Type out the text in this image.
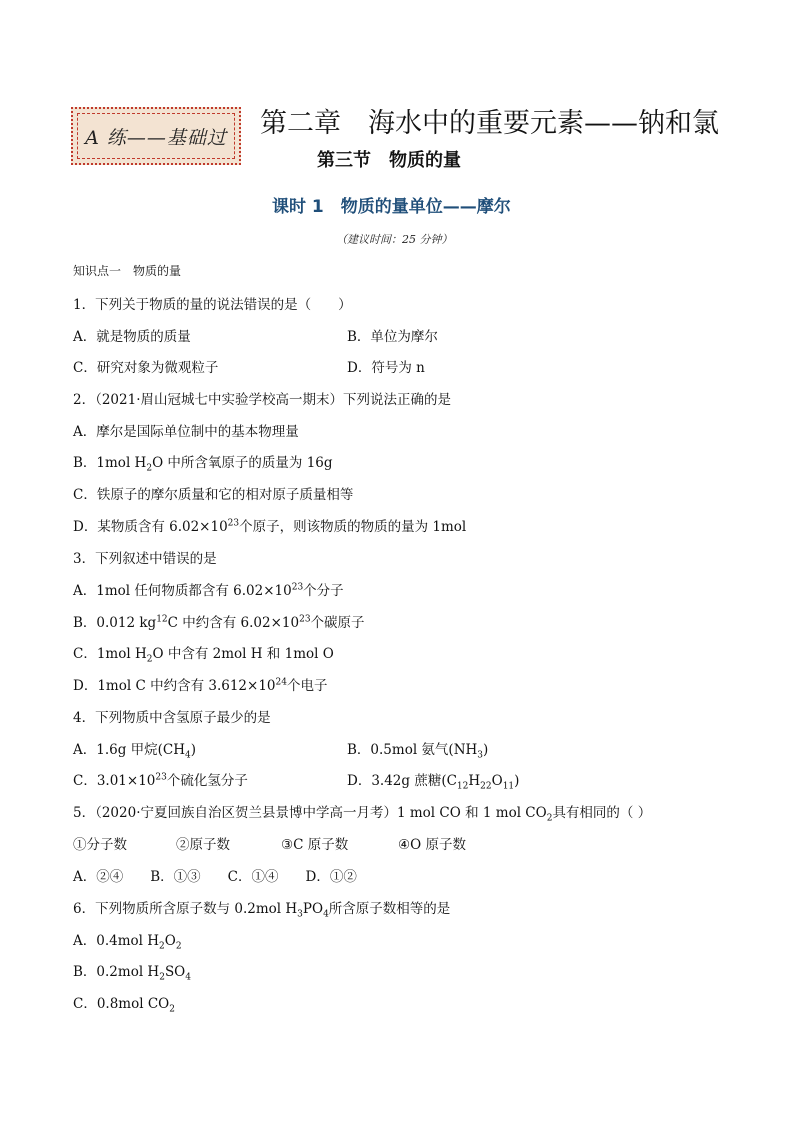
A 练——基础过 第二章　海水中的重要元素——钠和氯
第三节　物质的量
课时 1　物质的量单位——摩尔
（建议时间：25 分钟）
知识点一　物质的量
1．下列关于物质的量的说法错误的是（　　）
A．就是物质的质量	B．单位为摩尔
C．研究对象为微观粒子	D．符号为 n
2．（2021·眉山冠城七中实验学校高一期末）下列说法正确的是
A．摩尔是国际单位制中的基本物理量
B．1mol $H_2O$ 中所含氧原子的质量为 16g
C．铁原子的摩尔质量和它的相对原子质量相等
D．某物质含有 $6.02\times 10^{23}$个原子，则该物质的物质的量为 1mol
3．下列叙述中错误的是
A．1mol 任何物质都含有 $6.02\times 10^{23}$个分子
B．0.012 $kg^{12}C$ 中约含有 $6.02\times 10^{23}$个碳原子
C．1mol $H_2O$ 中含有 2mol H 和 1mol O
D．1mol C 中约含有 $3.612\times 10^{24}$个电子
4．下列物质中含氢原子最少的是
A．1.6g 甲烷$(CH_4)$	B．0.5mol 氨气$(NH_3)$
C．$3.01\times 10^{23}$个硫化氢分子	D．3.42g 蔗糖$(C_{12}H_{22}O_{11})$
5．（2020·宁夏回族自治区贺兰县景博中学高一月考）1 mol CO 和 1 mol $CO_2$具有相同的（ ）
①分子数	②原子数	③C 原子数	④O 原子数
A．②④　　B．①③　　C．①④　　D．①②
6．下列物质所含原子数与 0.2mol $H_3PO_4$所含原子数相等的是
A．0.4mol $H_2O_2$
B．0.2mol $H_2SO_4$
C．0.8mol $CO_2$
